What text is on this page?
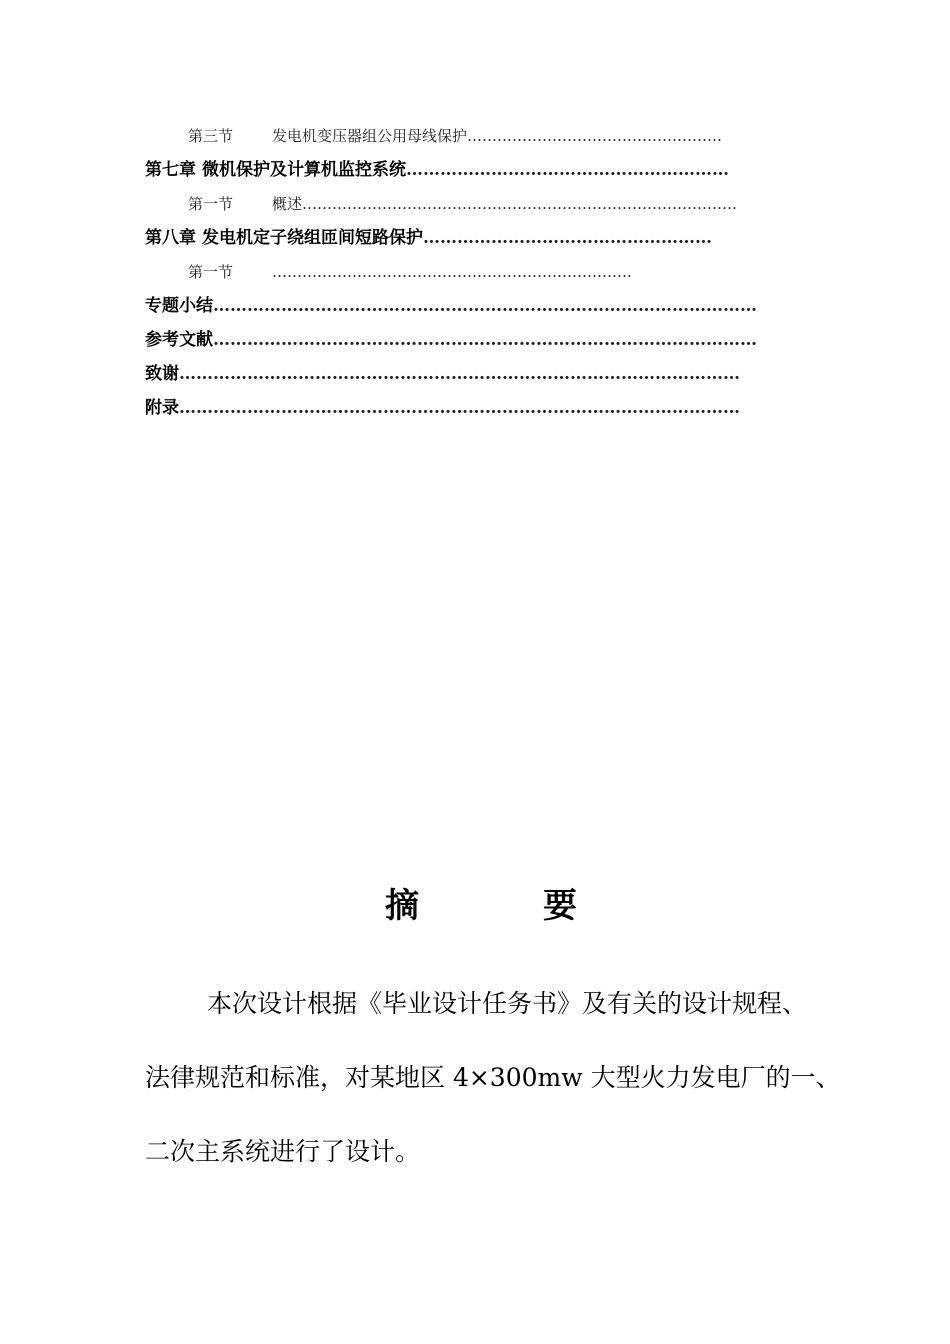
第三节	发电机变压器组公用母线保护……………………………………………
第七章 微机保护及计算机监控系统…………………………………………………
第一节	概述……………………………………………………………………………
第八章 发电机定子绕组匝间短路保护……………………………………………
第一节	………………………………………………………………
专题小结……………………………………………………………………………………
参考文献……………………………………………………………………………………
致谢………………………………………………………………………………………
附录………………………………………………………………………………………
摘	要
本次设计根据《毕业设计任务书》及有关的设计规程、
法律规范和标准，对某地区 4×300mw 大型火力发电厂的一、
二次主系统进行了设计。
